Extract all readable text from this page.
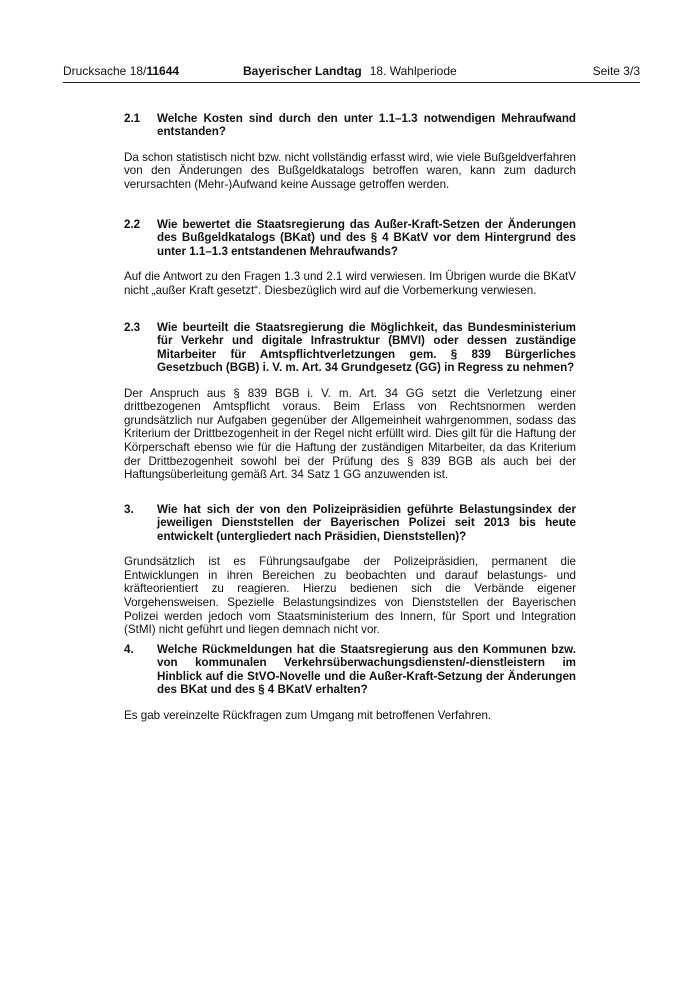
Drucksache 18/11644	Bayerischer Landtag 18. Wahlperiode	Seite 3/3
2.1	Welche Kosten sind durch den unter 1.1–1.3 notwendigen Mehraufwand entstanden?

Da schon statistisch nicht bzw. nicht vollständig erfasst wird, wie viele Bußgeldverfahren von den Änderungen des Bußgeldkatalogs betroffen waren, kann zum dadurch verursachten (Mehr-)Aufwand keine Aussage getroffen werden.

2.2	Wie bewertet die Staatsregierung das Außer-Kraft-Setzen der Änderungen des Bußgeldkatalogs (BKat) und des § 4 BKatV vor dem Hintergrund des unter 1.1–1.3 entstandenen Mehraufwands?

Auf die Antwort zu den Fragen 1.3 und 2.1 wird verwiesen. Im Übrigen wurde die BKatV nicht „außer Kraft gesetzt“. Diesbezüglich wird auf die Vorbemerkung verwiesen.

2.3	Wie beurteilt die Staatsregierung die Möglichkeit, das Bundesministerium für Verkehr und digitale Infrastruktur (BMVI) oder dessen zuständige Mitarbeiter für Amtspflichtverletzungen gem. § 839 Bürgerliches Gesetzbuch (BGB) i. V. m. Art. 34 Grundgesetz (GG) in Regress zu nehmen?

Der Anspruch aus § 839 BGB i. V. m. Art. 34 GG setzt die Verletzung einer drittbezogenen Amtspflicht voraus. Beim Erlass von Rechtsnormen werden grundsätzlich nur Aufgaben gegenüber der Allgemeinheit wahrgenommen, sodass das Kriterium der Drittbezogenheit in der Regel nicht erfüllt wird. Dies gilt für die Haftung der Körperschaft ebenso wie für die Haftung der zuständigen Mitarbeiter, da das Kriterium der Drittbezogenheit sowohl bei der Prüfung des § 839 BGB als auch bei der Haftungsüberleitung gemäß Art. 34 Satz 1 GG anzuwenden ist.

3.	Wie hat sich der von den Polizeipräsidien geführte Belastungsindex der jeweiligen Dienststellen der Bayerischen Polizei seit 2013 bis heute entwickelt (untergliedert nach Präsidien, Dienststellen)?

Grundsätzlich ist es Führungsaufgabe der Polizeipräsidien, permanent die Entwicklungen in ihren Bereichen zu beobachten und darauf belastungs- und kräfteorientiert zu reagieren. Hierzu bedienen sich die Verbände eigener Vorgehensweisen. Spezielle Belastungsindizes von Dienststellen der Bayerischen Polizei werden jedoch vom Staatsministerium des Innern, für Sport und Integration (StMI) nicht geführt und liegen demnach nicht vor.

4.	Welche Rückmeldungen hat die Staatsregierung aus den Kommunen bzw. von kommunalen Verkehrsüberwachungsdiensten/-dienstleistern im Hinblick auf die StVO-Novelle und die Außer-Kraft-Setzung der Änderungen des BKat und des § 4 BKatV erhalten?

Es gab vereinzelte Rückfragen zum Umgang mit betroffenen Verfahren.
